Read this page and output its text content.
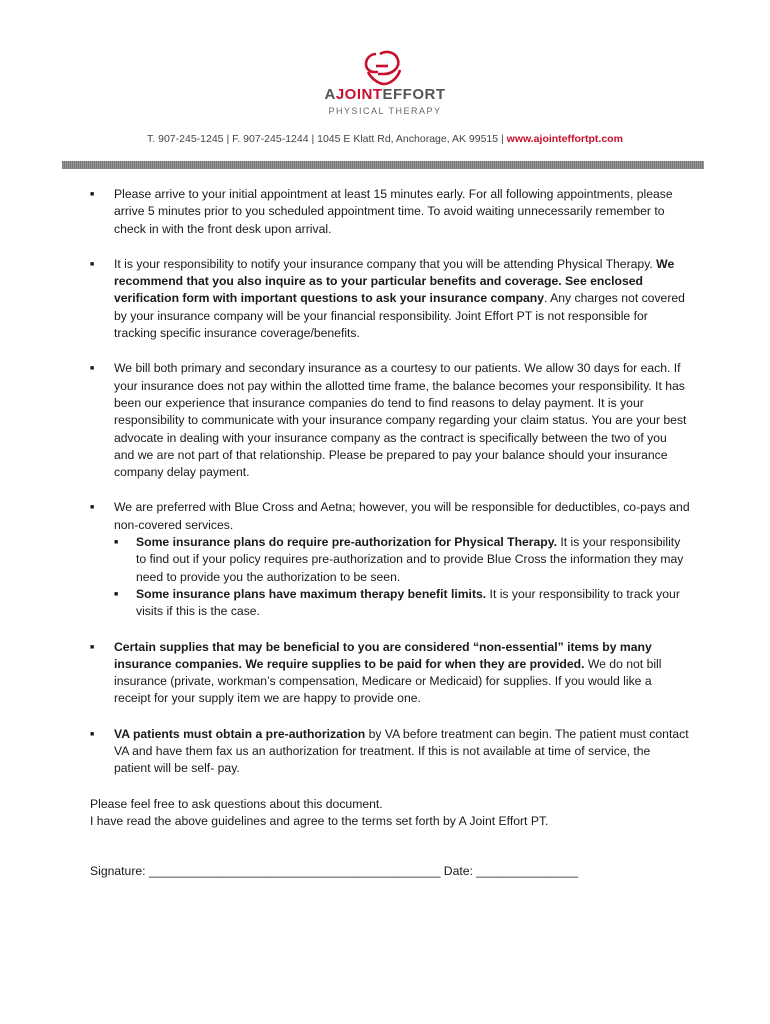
AJOINTEFFORT
PHYSICAL THERAPY
T. 907-245-1245 | F. 907-245-1244 | 1045 E Klatt Rd, Anchorage, AK 99515 | www.ajointeffortpt.com
■ Please arrive to your initial appointment at least 15 minutes early. For all following appointments, please arrive 5 minutes prior to you scheduled appointment time. To avoid waiting unnecessarily remember to check in with the front desk upon arrival.
■ It is your responsibility to notify your insurance company that you will be attending Physical Therapy. We recommend that you also inquire as to your particular benefits and coverage. See enclosed verification form with important questions to ask your insurance company. Any charges not covered by your insurance company will be your financial responsibility. Joint Effort PT is not responsible for tracking specific insurance coverage/benefits.
■ We bill both primary and secondary insurance as a courtesy to our patients. We allow 30 days for each. If your insurance does not pay within the allotted time frame, the balance becomes your responsibility. It has been our experience that insurance companies do tend to find reasons to delay payment. It is your responsibility to communicate with your insurance company regarding your claim status. You are your best advocate in dealing with your insurance company as the contract is specifically between the two of you and we are not part of that relationship. Please be prepared to pay your balance should your insurance company delay payment.
■ We are preferred with Blue Cross and Aetna; however, you will be responsible for deductibles, co-pays and non-covered services.
■ Some insurance plans do require pre-authorization for Physical Therapy. It is your responsibility to find out if your policy requires pre-authorization and to provide Blue Cross the information they may need to provide you the authorization to be seen.
■ Some insurance plans have maximum therapy benefit limits. It is your responsibility to track your visits if this is the case.
■ Certain supplies that may be beneficial to you are considered “non-essential” items by many insurance companies. We require supplies to be paid for when they are provided. We do not bill insurance (private, workman’s compensation, Medicare or Medicaid) for supplies. If you would like a receipt for your supply item we are happy to provide one.
■ VA patients must obtain a pre-authorization by VA before treatment can begin. The patient must contact VA and have them fax us an authorization for treatment. If this is not available at time of service, the patient will be self- pay.
Please feel free to ask questions about this document.
I have read the above guidelines and agree to the terms set forth by A Joint Effort PT.
Signature: ___________________________________________ Date: _______________
